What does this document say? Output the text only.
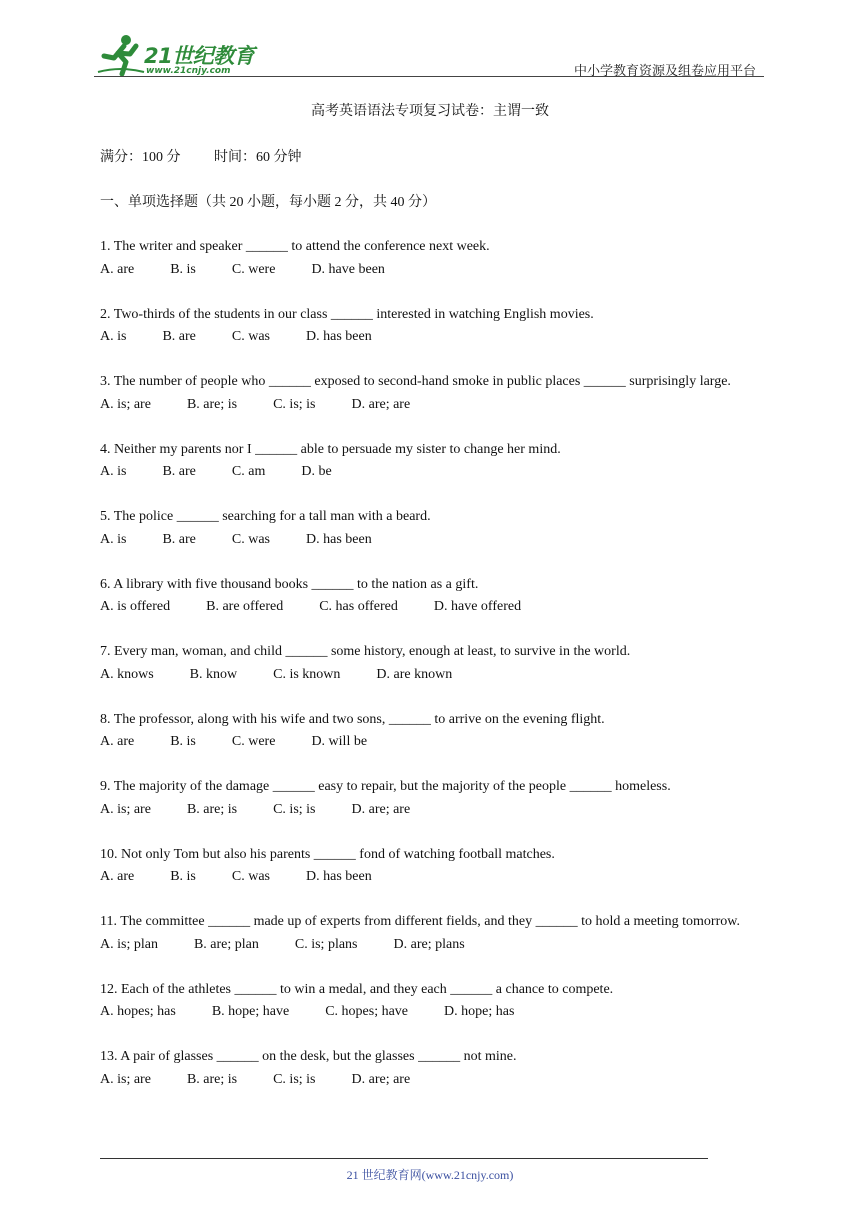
21世纪教育
www.21cnjy.com	中小学教育资源及组卷应用平台
高考英语语法专项复习试卷：主谓一致
满分：100 分 时间：60 分钟
一、单项选择题（共 20 小题，每小题 2 分，共 40 分）
1. The writer and speaker ______ to attend the conference next week.
A. are	B. is	C. were	D. have been
2. Two-thirds of the students in our class ______ interested in watching English movies.
A. is	B. are	C. was	D. has been
3. The number of people who ______ exposed to second-hand smoke in public places ______ surprisingly large.
A. is; are	B. are; is	C. is; is	D. are; are
4. Neither my parents nor I ______ able to persuade my sister to change her mind.
A. is	B. are	C. am	D. be
5. The police ______ searching for a tall man with a beard.
A. is	B. are	C. was	D. has been
6. A library with five thousand books ______ to the nation as a gift.
A. is offered	B. are offered	C. has offered	D. have offered
7. Every man, woman, and child ______ some history, enough at least, to survive in the world.
A. knows	B. know	C. is known	D. are known
8. The professor, along with his wife and two sons, ______ to arrive on the evening flight.
A. are	B. is	C. were	D. will be
9. The majority of the damage ______ easy to repair, but the majority of the people ______ homeless.
A. is; are	B. are; is	C. is; is	D. are; are
10. Not only Tom but also his parents ______ fond of watching football matches.
A. are	B. is	C. was	D. has been
11. The committee ______ made up of experts from different fields, and they ______ to hold a meeting tomorrow.
A. is; plan	B. are; plan	C. is; plans	D. are; plans
12. Each of the athletes ______ to win a medal, and they each ______ a chance to compete.
A. hopes; has	B. hope; have	C. hopes; have	D. hope; has
13. A pair of glasses ______ on the desk, but the glasses ______ not mine.
A. is; are	B. are; is	C. is; is	D. are; are
21 世纪教育网(www.21cnjy.com)
